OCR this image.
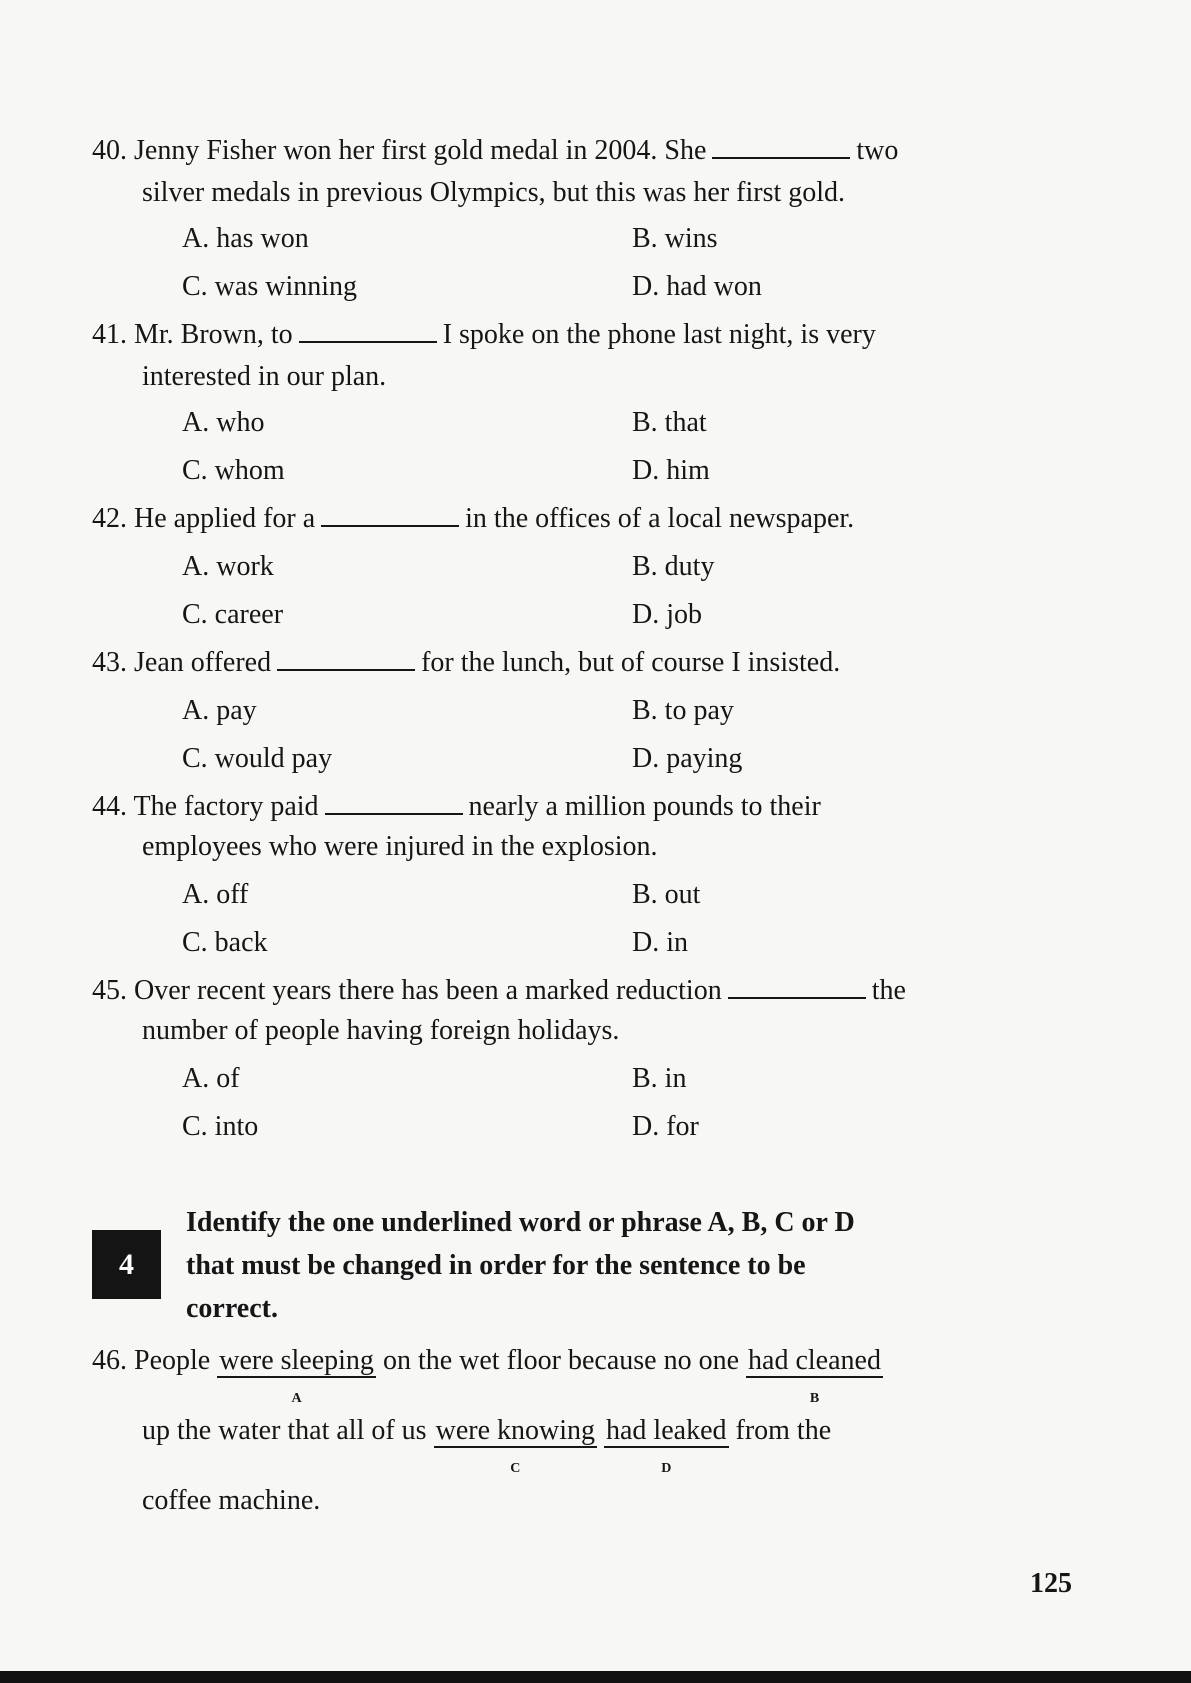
40. Jenny Fisher won her first gold medal in 2004. She	two
silver medals in previous Olympics, but this was her first gold.
A. has won	B. wins
C. was winning	D. had won
41. Mr. Brown, to	I spoke on the phone last night, is very
interested in our plan.
A. who	B. that
C. whom	D. him
42. He applied for a	in the offices of a local newspaper.
A. work	B. duty
C. career	D. job
43. Jean offered	for the lunch, but of course I insisted.
A. pay	B. to pay
C. would pay	D. paying
44. The factory paid	nearly a million pounds to their
employees who were injured in the explosion.
A. off	B. out
C. back	D. in
45. Over recent years there has been a marked reduction	the
number of people having foreign holidays.
A. of	B. in
C. into	D. for
4
Identify the one underlined word or phrase A, B, C or D
that must be changed in order for the sentence to be
correct.
46. People were sleeping
A
on the wet floor because no one had cleaned
B
up the water that all of us were knowing
C
had leaked
D
from the
coffee machine.
125
